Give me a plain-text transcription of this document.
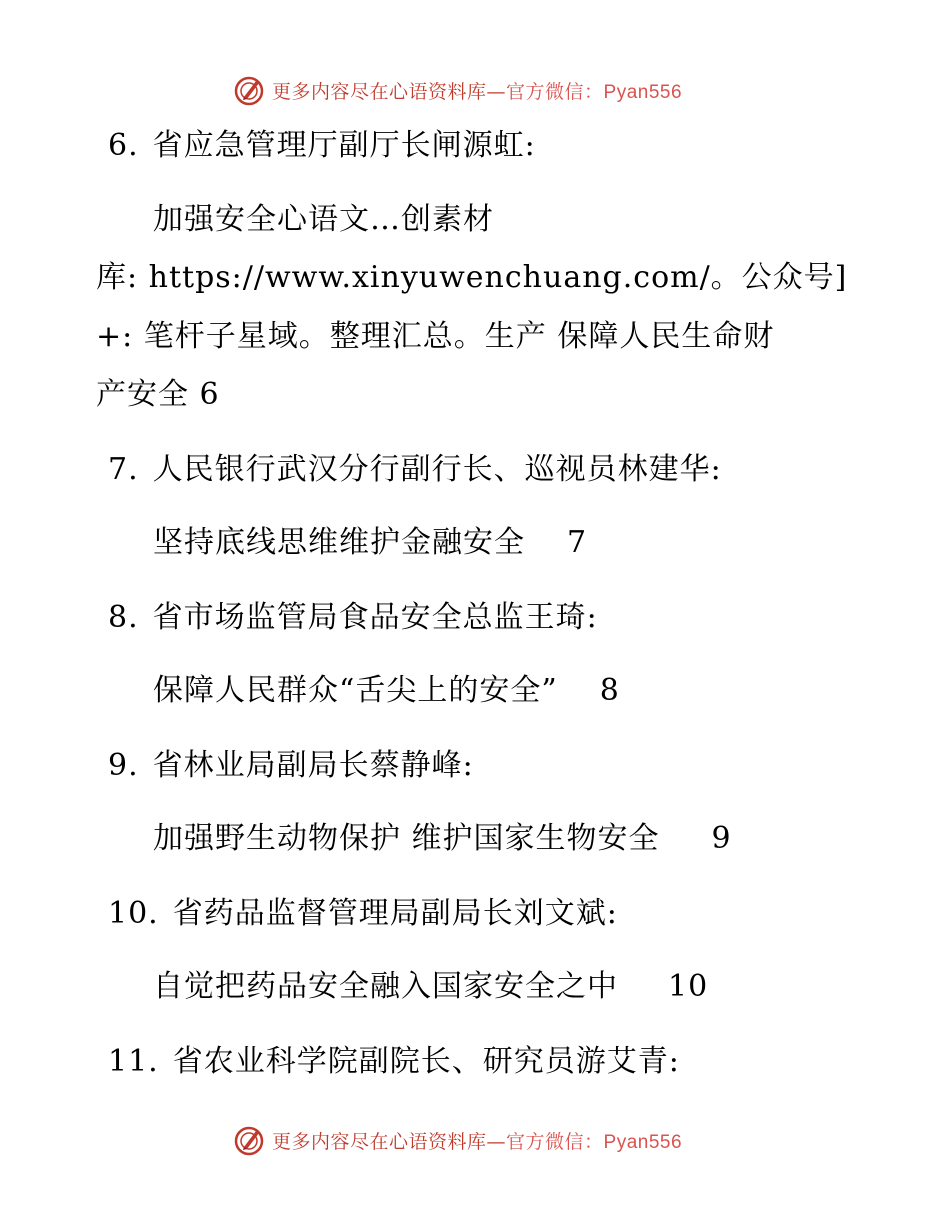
更多内容尽在心语资料库—官方微信：Pyan556
6. 省应急管理厅副厅长闸源虹:
加强安全心语文…创素材
库: https://www.xinyuwenchuang.com/。公众号]
+: 笔杆子星域。整理汇总。生产 保障人民生命财
产安全 6
7. 人民银行武汉分行副行长、巡视员林建华:
坚持底线思维维护金融安全 7
8. 省市场监管局食品安全总监王琦:
保障人民群众“舌尖上的安全” 8
9. 省林业局副局长蔡静峰:
加强野生动物保护 维护国家生物安全 9
10. 省药品监督管理局副局长刘文斌:
自觉把药品安全融入国家安全之中 10
11. 省农业科学院副院长、研究员游艾青:
更多内容尽在心语资料库—官方微信：Pyan556
